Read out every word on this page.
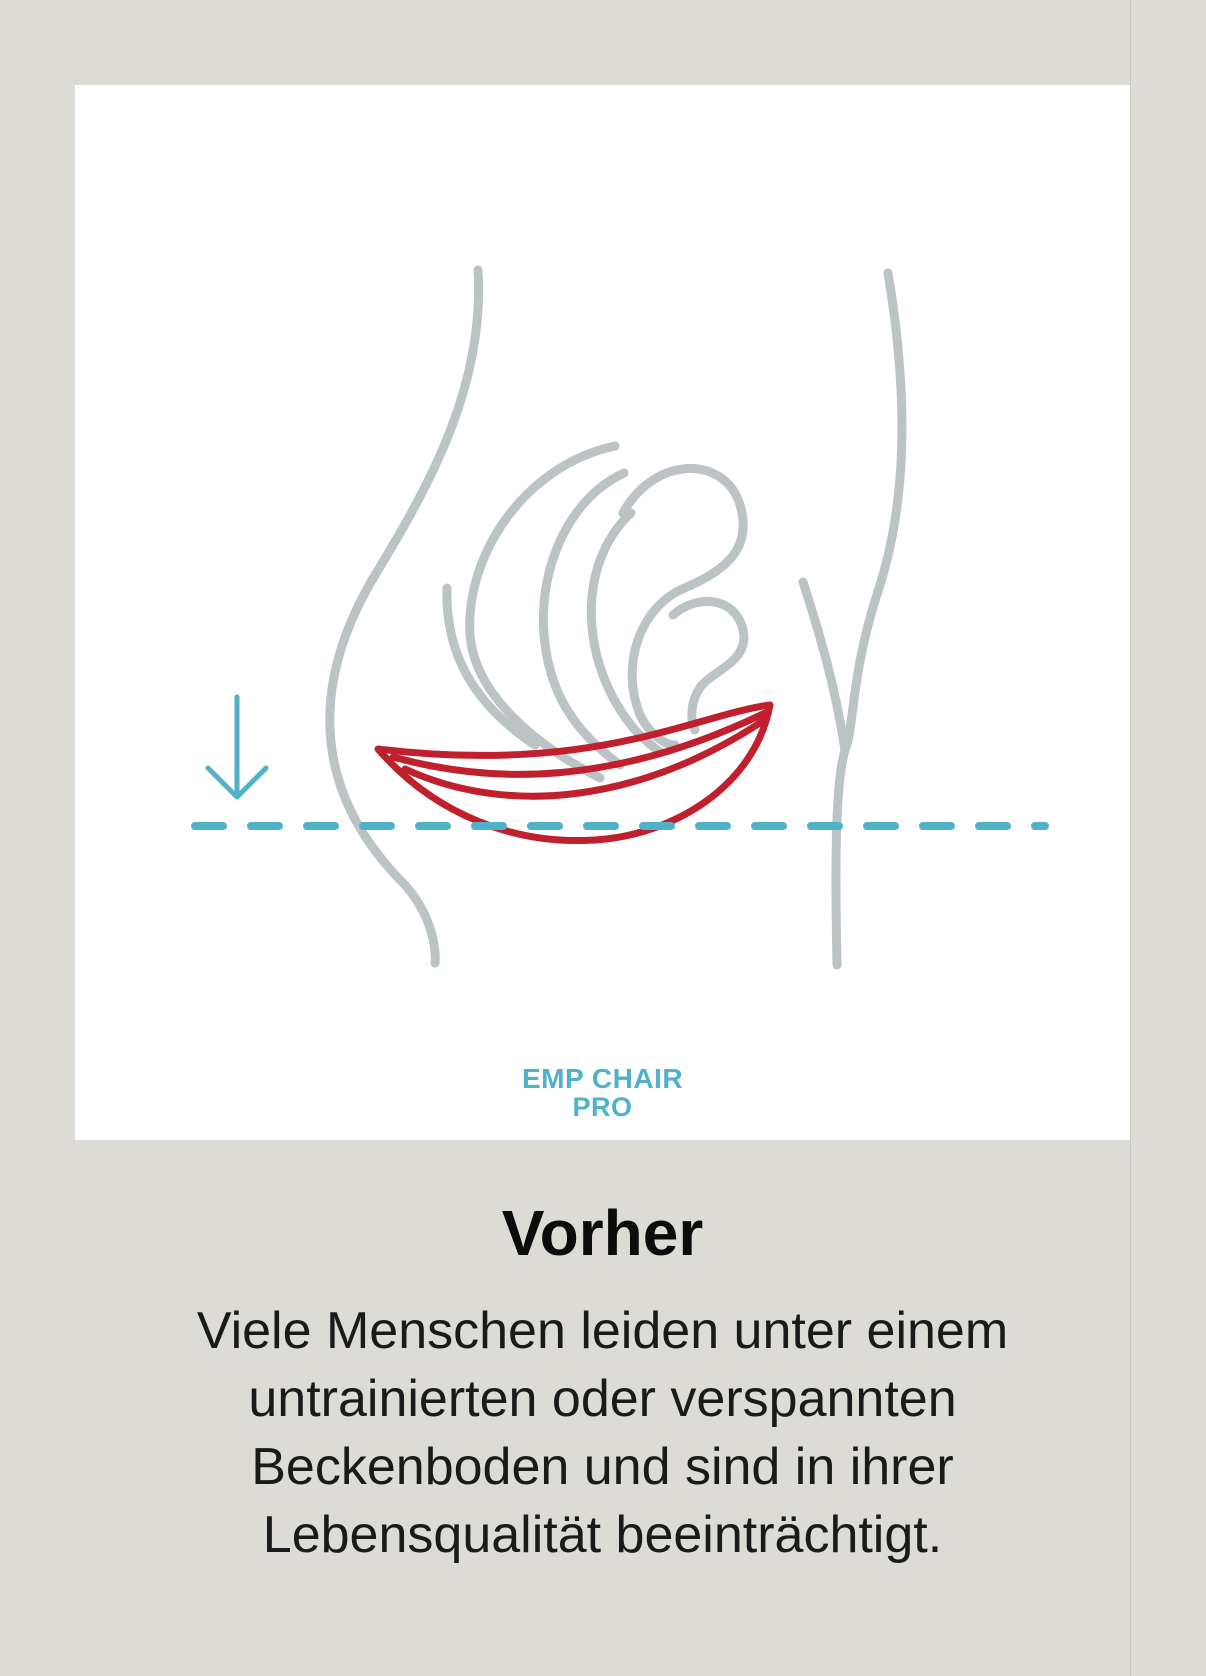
EMP CHAIR
PRO
Vorher

Viele Menschen leiden unter einem untrainierten oder verspannten Beckenboden und sind in ihrer Lebensqualität beeinträchtigt.
